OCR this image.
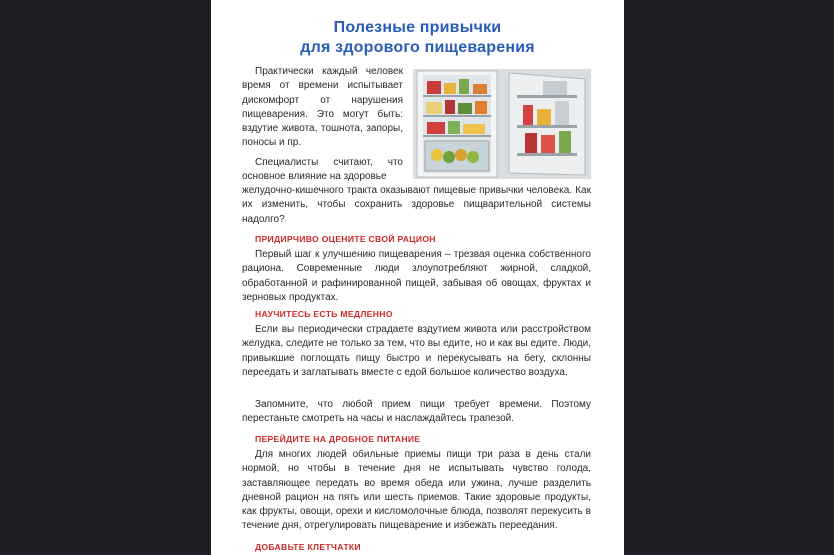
Полезные привычки
для здорового пищеварения

Практически каждый человек время от времени испытывает дискомфорт от нарушения пищеварения. Это могут быть: вздутие живота, тошнота, запоры, поносы и пр.

Специалисты считают, что основное влияние на здоровье

желудочно-кишечного тракта оказывают пищевые привычки человека. Как их изменить, чтобы сохранить здоровье пищварительной системы надолго?

ПРИДИРЧИВО ОЦЕНИТЕ СВОЙ РАЦИОН

Первый шаг к улучшению пищеварения – трезвая оценка собственного рациона. Современные люди злоупотребляют жирной, сладкой, обработанной и рафинированной пищей, забывая об овощах, фруктах и зерновых продуктах.

НАУЧИТЕСЬ ЕСТЬ МЕДЛЕННО

Если вы периодически страдаете вздутием живота или расстройством желудка, следите не только за тем, что вы едите, но и как вы едите. Люди, привыкшие поглощать пищу быстро и перекусывать на бегу, склонны переедать и заглатывать вместе с едой большое количество воздуха.

Запомните, что любой прием пищи требует времени. Поэтому перестаньте смотреть на часы и наслаждайтесь трапезой.

ПЕРЕЙДИТЕ НА ДРОБНОЕ ПИТАНИЕ

Для многих людей обильные приемы пищи три раза в день стали нормой, но чтобы в течение дня не испытывать чувство голода, заставляющее передать во время обеда или ужина, лучше разделить дневной рацион на пять или шесть приемов. Такие здоровые продукты, как фрукты, овощи, орехи и кисломолочные блюда, позволят перекусить в течение дня, отрегулировать пищеварение и избежать переедания.

ДОБАВЬТЕ КЛЕТЧАТКИ
